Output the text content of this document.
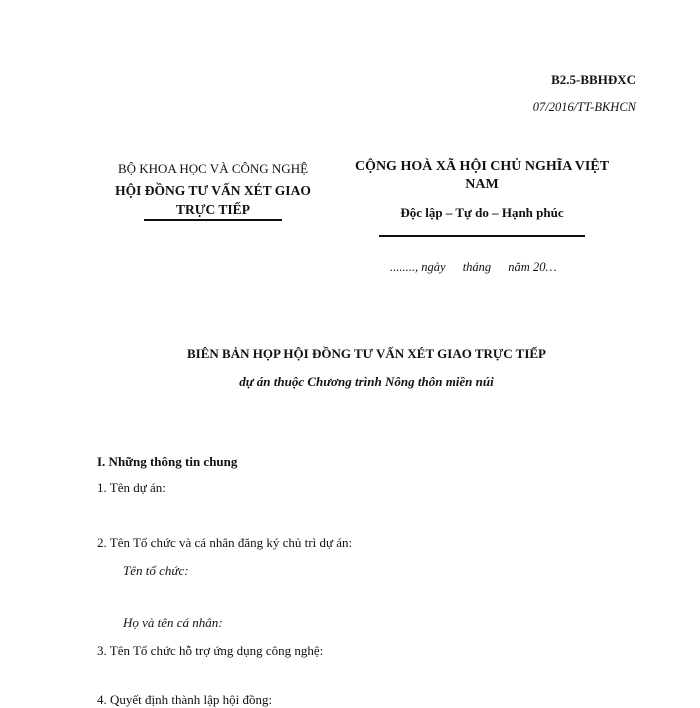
B2.5-BBHĐXC
07/2016/TT-BKHCN
BỘ KHOA HỌC VÀ CÔNG NGHỆ
HỘI ĐỒNG TƯ VẤN XÉT GIAO
TRỰC TIẾP
CỘNG HOÀ XÃ HỘI CHỦ NGHĨA VIỆT NAM
Độc lập – Tự do – Hạnh phúc
........, ngày tháng năm 20…
BIÊN BẢN HỌP HỘI ĐỒNG TƯ VẤN XÉT GIAO TRỰC TIẾP
dự án thuộc Chương trình Nông thôn miền núi
I. Những thông tin chung
1. Tên dự án:
2. Tên Tổ chức và cá nhân đăng ký chủ trì dự án:
Tên tổ chức:
Họ và tên cá nhân:
3. Tên Tổ chức hỗ trợ ứng dụng công nghệ:
4. Quyết định thành lập hội đồng:
